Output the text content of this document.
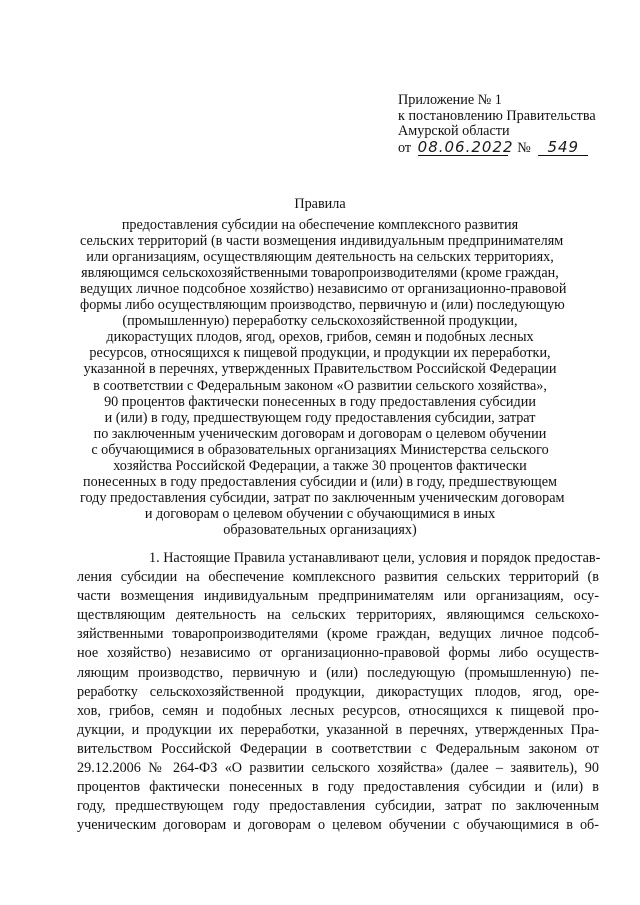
Приложение № 1
к постановлению Правительства
Амурской области
от 08.06.2022 № 549
Правила
предоставления субсидии на обеспечение комплексного развития
сельских территорий (в части возмещения индивидуальным предпринимателям
или организациям, осуществляющим деятельность на сельских территориях,
являющимся сельскохозяйственными товаропроизводителями (кроме граждан,
ведущих личное подсобное хозяйство) независимо от организационно-правовой
формы либо осуществляющим производство, первичную и (или) последующую
(промышленную) переработку сельскохозяйственной продукции,
дикорастущих плодов, ягод, орехов, грибов, семян и подобных лесных
ресурсов, относящихся к пищевой продукции, и продукции их переработки,
указанной в перечнях, утвержденных Правительством Российской Федерации
в соответствии с Федеральным законом «О развитии сельского хозяйства»,
90 процентов фактически понесенных в году предоставления субсидии
и (или) в году, предшествующем году предоставления субсидии, затрат
по заключенным ученическим договорам и договорам о целевом обучении
с обучающимися в образовательных организациях Министерства сельского
хозяйства Российской Федерации, а также 30 процентов фактически
понесенных в году предоставления субсидии и (или) в году, предшествующем
году предоставления субсидии, затрат по заключенным ученическим договорам
и договорам о целевом обучении с обучающимися в иных
образовательных организациях)
1. Настоящие Правила устанавливают цели, условия и порядок предостав-
ления субсидии на обеспечение комплексного развития сельских территорий (в
части возмещения индивидуальным предпринимателям или организациям, осу-
ществляющим деятельность на сельских территориях, являющимся сельскохо-
зяйственными товаропроизводителями (кроме граждан, ведущих личное подсоб-
ное хозяйство) независимо от организационно-правовой формы либо осуществ-
ляющим производство, первичную и (или) последующую (промышленную) пе-
реработку сельскохозяйственной продукции, дикорастущих плодов, ягод, оре-
хов, грибов, семян и подобных лесных ресурсов, относящихся к пищевой про-
дукции, и продукции их переработки, указанной в перечнях, утвержденных Пра-
вительством Российской Федерации в соответствии с Федеральным законом от
29.12.2006 № 264-ФЗ «О развитии сельского хозяйства» (далее – заявитель), 90
процентов фактически понесенных в году предоставления субсидии и (или) в
году, предшествующем году предоставления субсидии, затрат по заключенным
ученическим договорам и договорам о целевом обучении с обучающимися в об-
